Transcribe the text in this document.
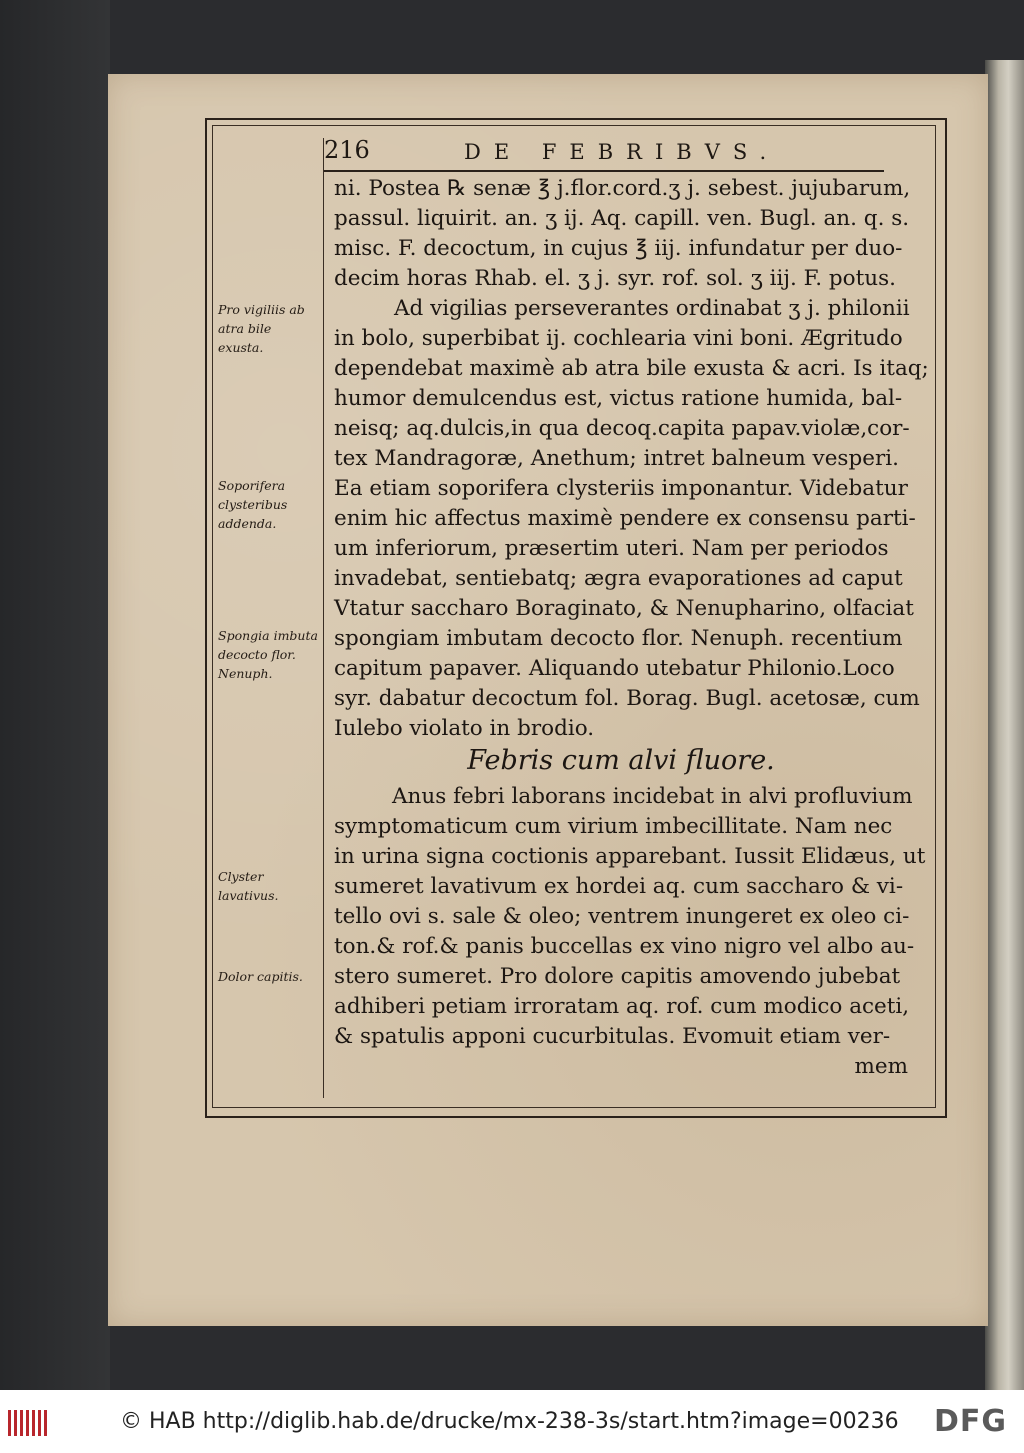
216	DE FEBRIBVS.
Pro vigiliis ab atra bile exusta.
Soporifera clysteribus addenda.
Spongia imbuta decocto flor. Nenuph.
Clyster lavativus.
Dolor capitis.
ni. Postea ℞ senæ ℥ j.flor.cord.ʒ j. sebest. jujubarum,
passul. liquirit. an. ʒ ij. Aq. capill. ven. Bugl. an. q. s.
misc. F. decoctum, in cujus ℥ iij. infundatur per duo-
decim horas Rhab. el. ʒ j. syr. rof. sol. ʒ iij. F. potus.
Ad vigilias perseverantes ordinabat ʒ j. philonii
in bolo, superbibat ij. cochlearia vini boni. Ægritudo
dependebat maximè ab atra bile exusta & acri. Is itaq;
humor demulcendus est, victus ratione humida, bal-
neisq; aq.dulcis,in qua decoq.capita papav.violæ,cor-
tex Mandragoræ, Anethum; intret balneum vesperi.
Ea etiam soporifera clysteriis imponantur. Videbatur
enim hic affectus maximè pendere ex consensu parti-
um inferiorum, præsertim uteri. Nam per periodos
invadebat, sentiebatq; ægra evaporationes ad caput
Vtatur saccharo Boraginato, & Nenupharino, olfaciat
spongiam imbutam decocto flor. Nenuph. recentium
capitum papaver. Aliquando utebatur Philonio.Loco
syr. dabatur decoctum fol. Borag. Bugl. acetosæ, cum
Iulebo violato in brodio.
Febris cum alvi fluore.
Anus febri laborans incidebat in alvi profluvium
symptomaticum cum virium imbecillitate. Nam nec
in urina signa coctionis apparebant. Iussit Elidæus, ut
sumeret lavativum ex hordei aq. cum saccharo & vi-
tello ovi s. sale & oleo; ventrem inungeret ex oleo ci-
ton.& rof.& panis buccellas ex vino nigro vel albo au-
stero sumeret. Pro dolore capitis amovendo jubebat
adhiberi petiam irroratam aq. rof. cum modico aceti,
& spatulis apponi cucurbitulas. Evomuit etiam ver-
mem
© HAB http://diglib.hab.de/drucke/mx-238-3s/start.htm?image=00236 DFG
